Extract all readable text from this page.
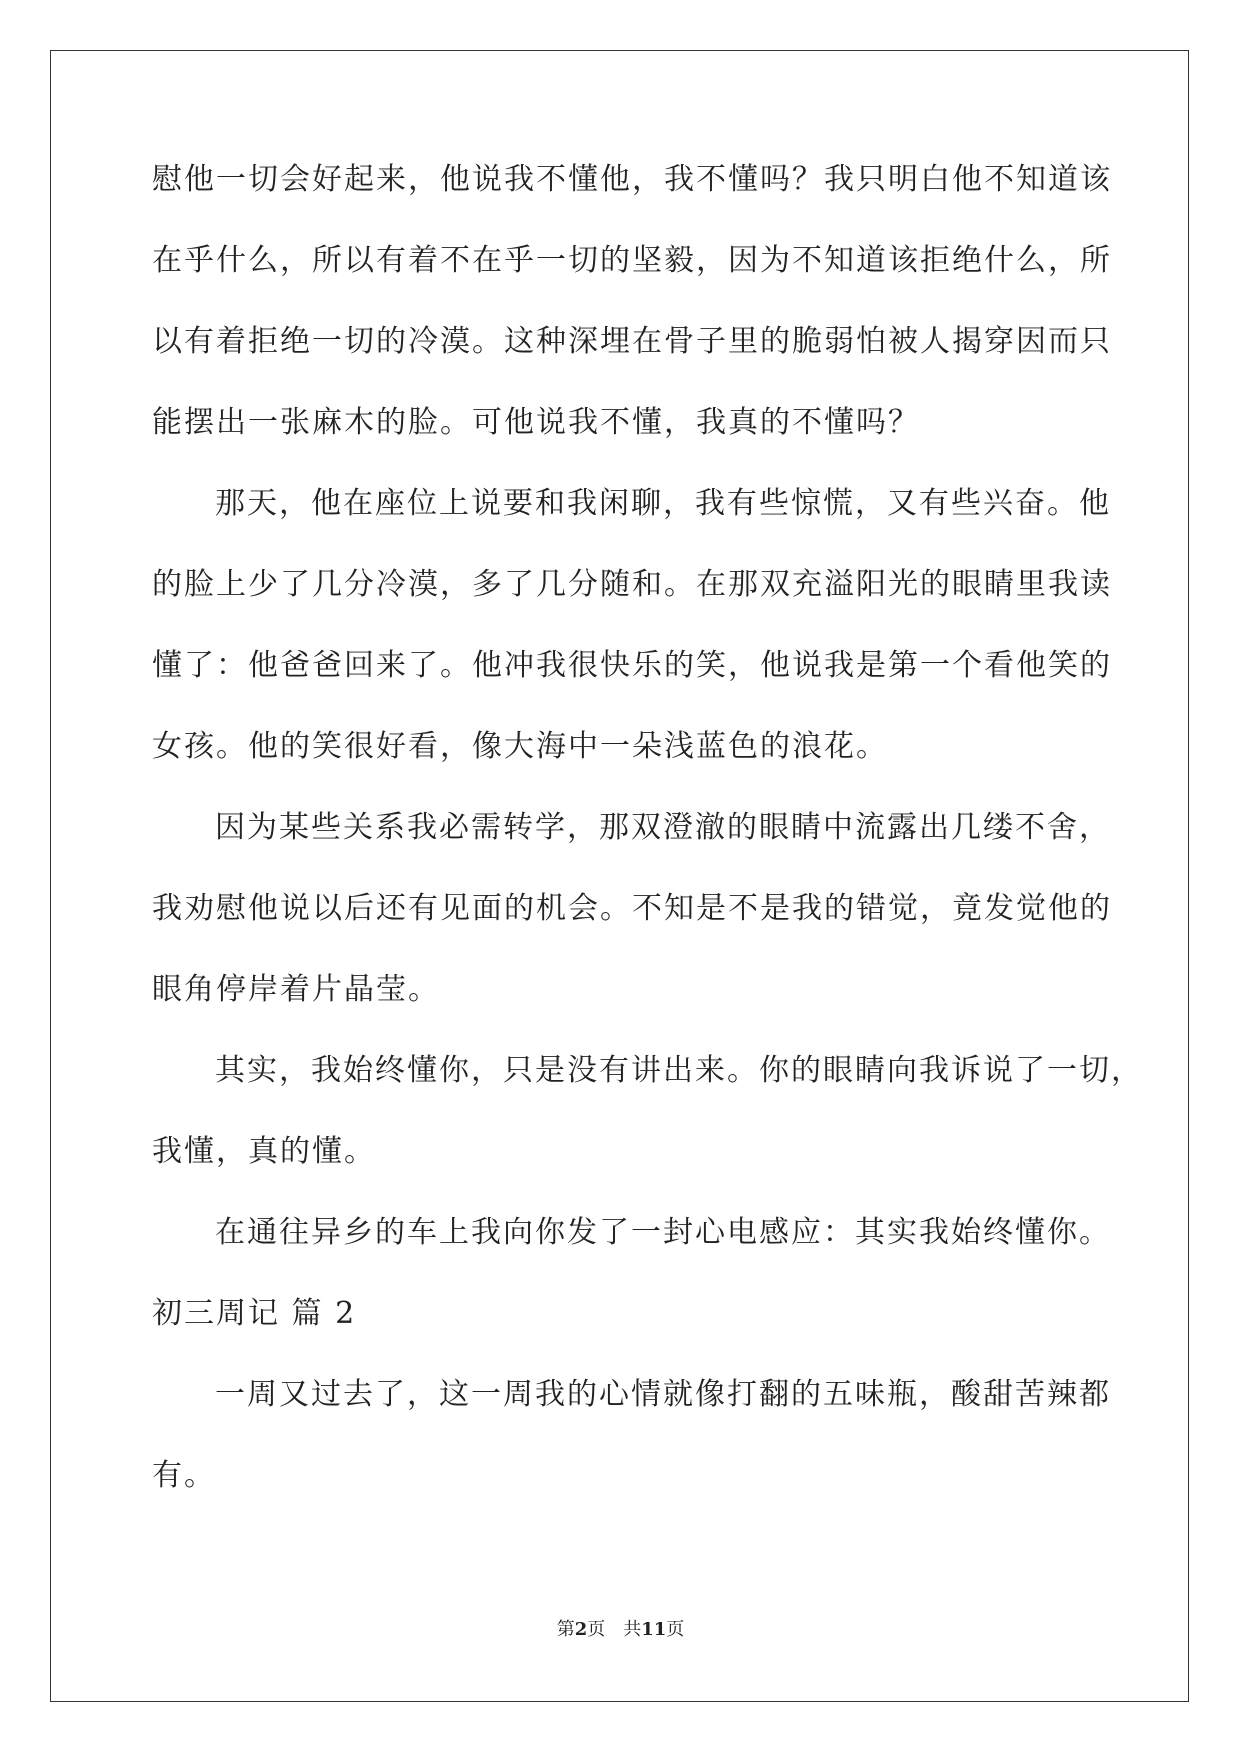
慰他一切会好起来，他说我不懂他，我不懂吗？我只明白他不知道该
在乎什么，所以有着不在乎一切的坚毅，因为不知道该拒绝什么，所
以有着拒绝一切的冷漠。这种深埋在骨子里的脆弱怕被人揭穿因而只
能摆出一张麻木的脸。可他说我不懂，我真的不懂吗？
那天，他在座位上说要和我闲聊，我有些惊慌，又有些兴奋。他
的脸上少了几分冷漠，多了几分随和。在那双充溢阳光的眼睛里我读
懂了：他爸爸回来了。他冲我很快乐的笑，他说我是第一个看他笑的
女孩。他的笑很好看，像大海中一朵浅蓝色的浪花。
因为某些关系我必需转学，那双澄澈的眼睛中流露出几缕不舍，
我劝慰他说以后还有见面的机会。不知是不是我的错觉，竟发觉他的
眼角停岸着片晶莹。
其实，我始终懂你，只是没有讲出来。你的眼睛向我诉说了一切，
我懂，真的懂。
在通往异乡的车上我向你发了一封心电感应：其实我始终懂你。
初三周记 篇 2
一周又过去了，这一周我的心情就像打翻的五味瓶，酸甜苦辣都
有。
第2页　共11页
